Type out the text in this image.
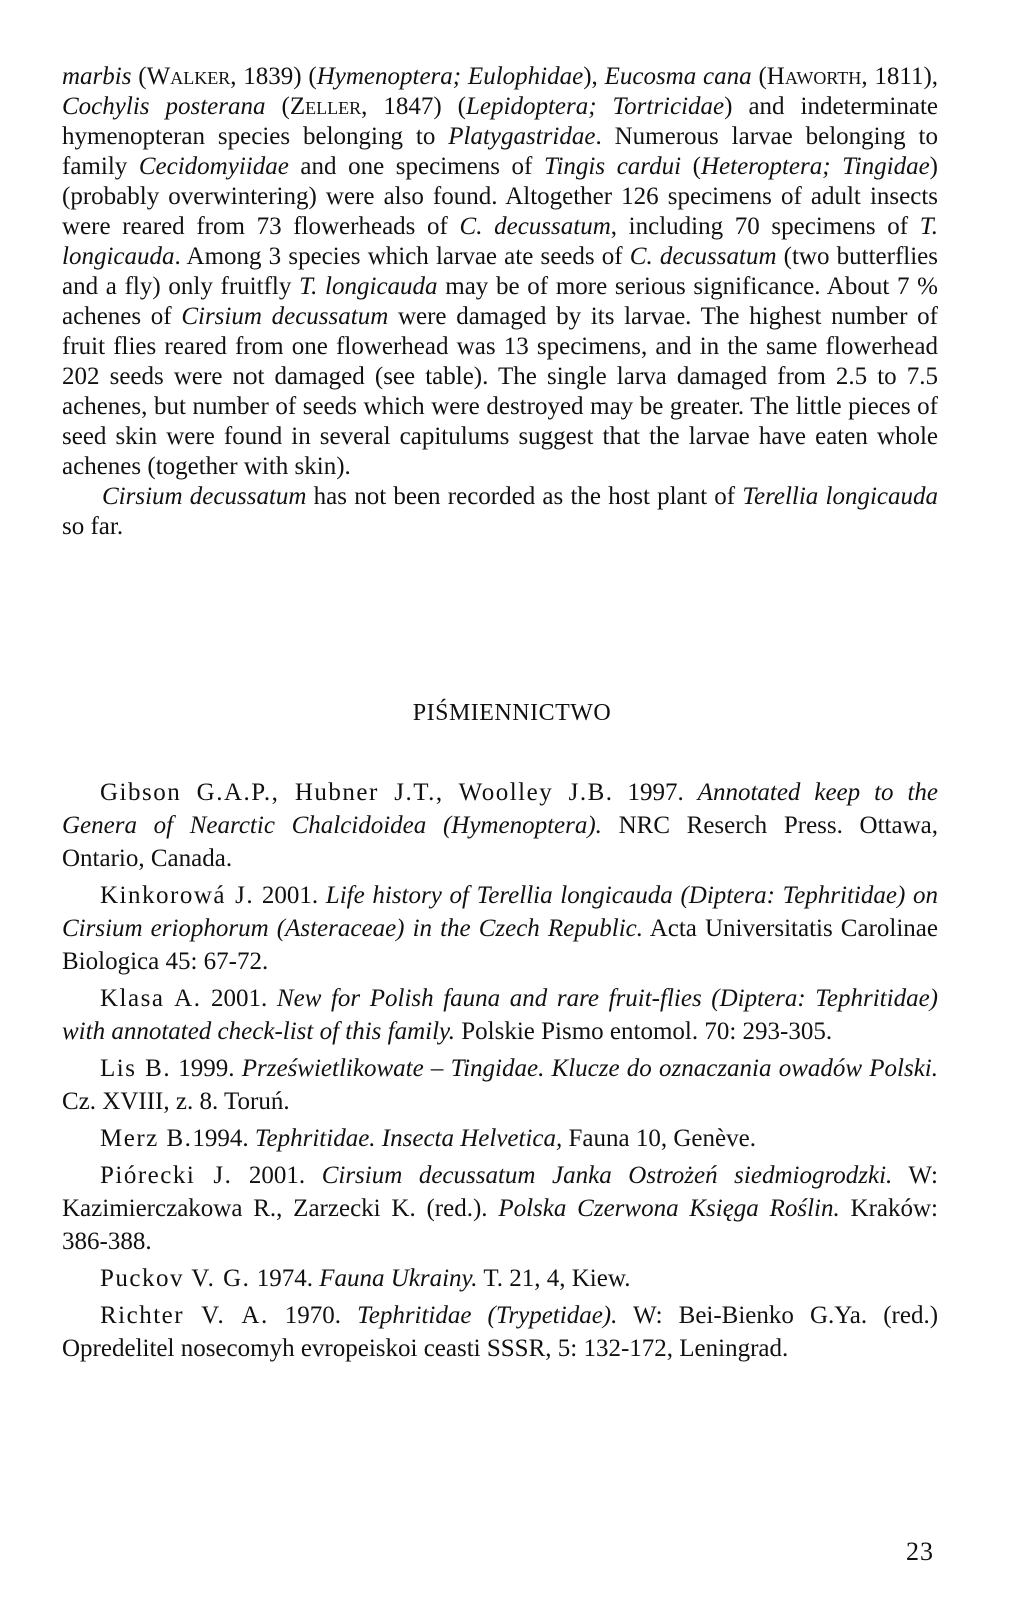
marbis (Walker, 1839) (Hymenoptera; Eulophidae), Eucosma cana (Haworth, 1811), Cochylis posterana (Zeller, 1847) (Lepidoptera; Tortricidae) and indeterminate hymenopteran species belonging to Platygastridae. Numerous larvae belonging to family Cecidomyiidae and one specimens of Tingis cardui (Heteroptera; Tingidae) (probably overwintering) were also found. Altogether 126 specimens of adult insects were reared from 73 flowerheads of C. decussatum, including 70 specimens of T. longicauda. Among 3 species which larvae ate seeds of C. decussatum (two butterflies and a fly) only fruitfly T. longicauda may be of more serious significance. About 7 % achenes of Cirsium decussatum were damaged by its larvae. The highest number of fruit flies reared from one flowerhead was 13 specimens, and in the same flowerhead 202 seeds were not damaged (see table). The single larva damaged from 2.5 to 7.5 achenes, but number of seeds which were destroyed may be greater. The little pieces of seed skin were found in several capitulums suggest that the larvae have eaten whole achenes (together with skin).

Cirsium decussatum has not been recorded as the host plant of Terellia longicauda so far.

PIŚMIENNICTWO

Gibson G.A.P., Hubner J.T., Woolley J.B. 1997. Annotated keep to the Genera of Nearctic Chalcidoidea (Hymenoptera). NRC Reserch Press. Ottawa, Ontario, Canada.

Kinkorowá J. 2001. Life history of Terellia longicauda (Diptera: Tephritidae) on Cirsium eriophorum (Asteraceae) in the Czech Republic. Acta Universitatis Carolinae Biologica 45: 67-72.

Klasa A. 2001. New for Polish fauna and rare fruit-flies (Diptera: Tephritidae) with annotated check-list of this family. Polskie Pismo entomol. 70: 293-305.

Lis B. 1999. Prześwietlikowate – Tingidae. Klucze do oznaczania owadów Polski. Cz. XVIII, z. 8. Toruń.

Merz B.1994. Tephritidae. Insecta Helvetica, Fauna 10, Genève.

Piórecki J. 2001. Cirsium decussatum Janka Ostrożeń siedmiogrodzki. W: Kazimierczakowa R., Zarzecki K. (red.). Polska Czerwona Księga Roślin. Kraków: 386-388.

Puckov V. G. 1974. Fauna Ukrainy. T. 21, 4, Kiew.

Richter V. A. 1970. Tephritidae (Trypetidae). W: Bei-Bienko G.Ya. (red.) Opredelitel nosecomyh evropeiskoi ceasti SSSR, 5: 132-172, Leningrad.

23
